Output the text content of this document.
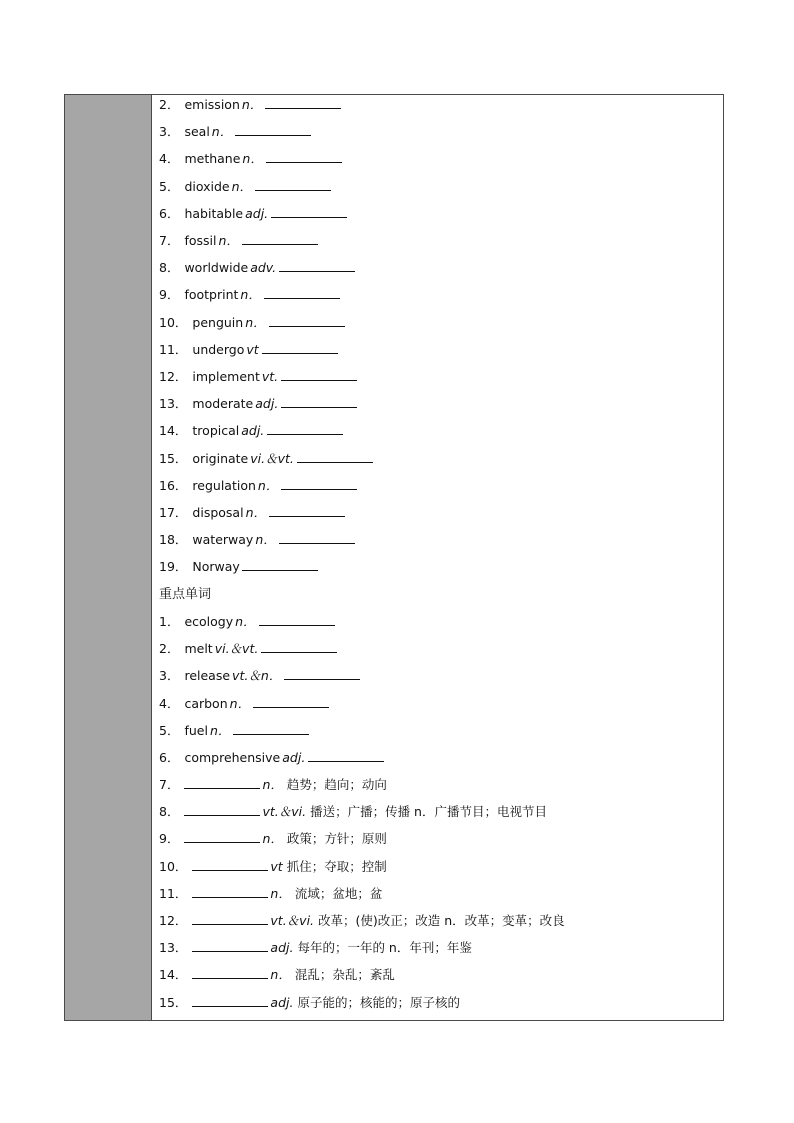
2． emission n．
3． seal n．
4． methane n．
5． dioxide n．
6． habitable adj.
7． fossil n．
8． worldwide adv.
9． footprint n．
10． penguin n．
11． undergo vt
12． implement vt.
13． moderate adj.
14． tropical adj.
15． originate vi.＆vt.
16． regulation n．
17． disposal n．
18． waterway n．
19． Norway
重点单词
1． ecology n．
2． melt vi.＆vt.
3． release vt.＆n．
4． carbon n．
5． fuel n．
6． comprehensive adj.
7．	n． 趋势；趋向；动向
8．	vt.＆vi. 播送；广播；传播 n．广播节目；电视节目
9．	n． 政策；方针；原则
10．	vt 抓住；夺取；控制
11．	n． 流域；盆地；盆
12．	vt.＆vi. 改革；(使)改正；改造 n．改革；变革；改良
13．	adj. 每年的；一年的 n．年刊；年鉴
14．	n． 混乱；杂乱；紊乱
15．	adj. 原子能的；核能的；原子核的
